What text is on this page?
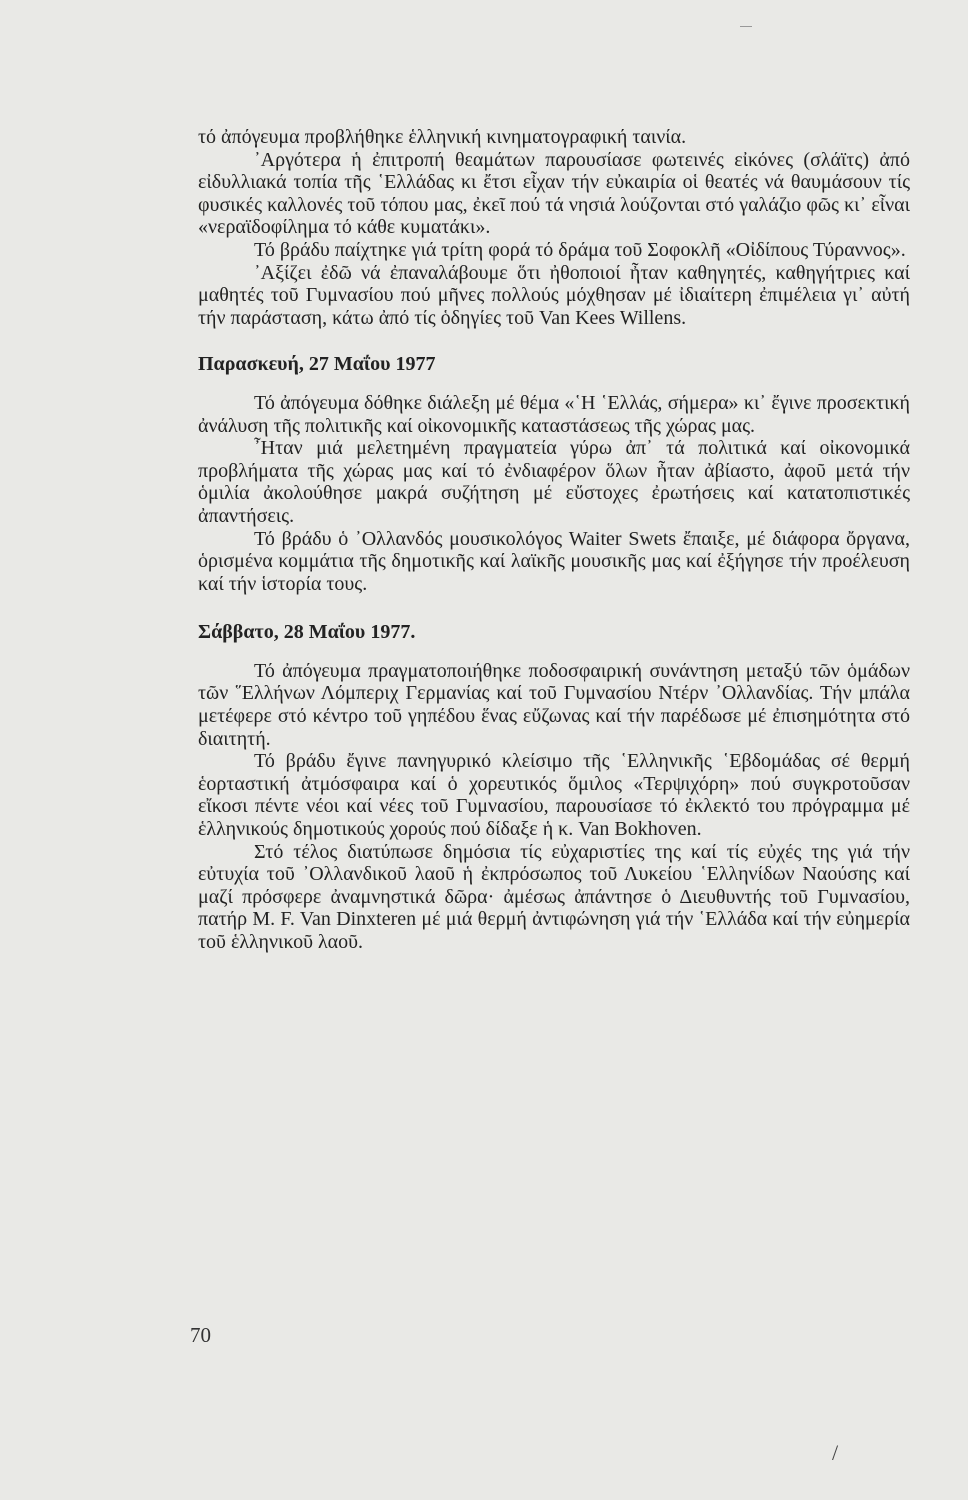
τό ἀπόγευμα προβλήθηκε ἑλληνική κινηματογραφική ταινία.

᾿Αργότερα ἡ ἐπιτροπή θεαμάτων παρουσίασε φωτεινές εἰκόνες (σλάϊτς) ἀπό εἰδυλλιακά τοπία τῆς ῾Ελλάδας κι ἔτσι εἶχαν τήν εὐκαιρία οἱ θεατές νά θαυμάσουν τίς φυσικές καλλονές τοῦ τόπου μας, ἐκεῖ πού τά νησιά λούζονται στό γαλάζιο φῶς κι᾿ εἶναι «νεραϊδοφίλημα τό κάθε κυματάκι».

Τό βράδυ παίχτηκε γιά τρίτη φορά τό δράμα τοῦ Σοφοκλῆ «Οἰδίπους Τύραννος».

᾿Αξίζει ἐδῶ νά ἐπαναλάβουμε ὅτι ἠθοποιοί ἦταν καθηγητές, καθηγήτριες καί μαθητές τοῦ Γυμνασίου πού μῆνες πολλούς μόχθησαν μέ ἰδιαίτερη ἐπιμέλεια γι᾿ αὐτή τήν παράσταση, κάτω ἀπό τίς ὁδηγίες τοῦ Van Kees Willens.

Παρασκευή, 27 Μαΐου 1977

Τό ἀπόγευμα δόθηκε διάλεξη μέ θέμα «῾Η ῾Ελλάς, σήμερα» κι᾿ ἔγινε προσεκτική ἀνάλυση τῆς πολιτικῆς καί οἰκονομικῆς καταστάσεως τῆς χώρας μας.

῏Ηταν μιά μελετημένη πραγματεία γύρω ἀπ᾿ τά πολιτικά καί οἰκονομικά προβλήματα τῆς χώρας μας καί τό ἐνδιαφέρον ὅλων ἦταν ἀβίαστο, ἀφοῦ μετά τήν ὁμιλία ἀκολούθησε μακρά συζήτηση μέ εὔστοχες ἐρωτήσεις καί κατατοπιστικές ἀπαντήσεις.

Τό βράδυ ὁ ᾿Ολλανδός μουσικολόγος Waiter Swets ἔπαιξε, μέ διάφορα ὄργανα, ὁρισμένα κομμάτια τῆς δημοτικῆς καί λαϊκῆς μουσικῆς μας καί ἐξήγησε τήν προέλευση καί τήν ἱστορία τους.

Σάββατο, 28 Μαΐου 1977.

Τό ἀπόγευμα πραγματοποιήθηκε ποδοσφαιρική συνάντηση μεταξύ τῶν ὁμάδων τῶν ῞Ελλήνων Λόμπεριχ Γερμανίας καί τοῦ Γυμνασίου Ντέρν ᾿Ολλανδίας. Τήν μπάλα μετέφερε στό κέντρο τοῦ γηπέδου ἕνας εὔζωνας καί τήν παρέδωσε μέ ἐπισημότητα στό διαιτητή.

Τό βράδυ ἔγινε πανηγυρικό κλείσιμο τῆς ῾Ελληνικῆς ῾Εβδομάδας σέ θερμή ἑορταστική ἀτμόσφαιρα καί ὁ χορευτικός ὅμιλος «Τερψιχόρη» πού συγκροτοῦσαν εἴκοσι πέντε νέοι καί νέες τοῦ Γυμνασίου, παρουσίασε τό ἐκλεκτό του πρόγραμμα μέ ἑλληνικούς δημοτικούς χορούς πού δίδαξε ἡ κ. Van Bokhoven.

Στό τέλος διατύπωσε δημόσια τίς εὐχαριστίες της καί τίς εὐχές της γιά τήν εὐτυχία τοῦ ᾿Ολλανδικοῦ λαοῦ ἡ ἐκπρόσωπος τοῦ Λυκείου ῾Ελληνίδων Ναούσης καί μαζί πρόσφερε ἀναμνηστικά δῶρα· ἀμέσως ἀπάντησε ὁ Διευθυντής τοῦ Γυμνασίου, πατήρ Μ. F. Van Dinxteren μέ μιά θερμή ἀντιφώνηση γιά τήν ῾Ελλάδα καί τήν εὐημερία τοῦ ἑλληνικοῦ λαοῦ.

70
/
